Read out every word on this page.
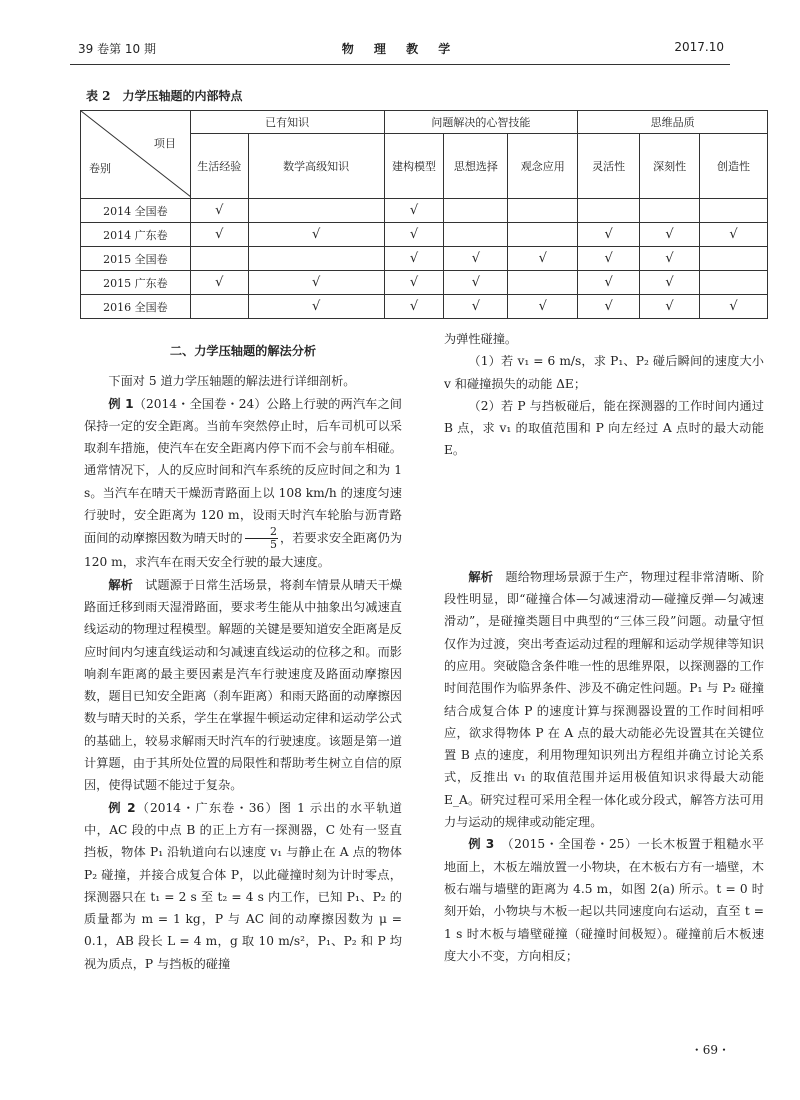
39 卷第 10 期	物 理 教 学	2017.10
表 2　力学压轴题的内部特点
项目
卷别	已有知识		问题解决的心智技能			思维品质		
	生活经验	数学高级知识	建构模型	思想选择	观念应用	灵活性	深刻性	创造性
2014 全国卷	√		√					
2014 广东卷	√	√	√			√	√	√
2015 全国卷			√	√	√	√	√	
2015 广东卷	√	√	√	√		√	√	
2016 全国卷		√	√	√	√	√	√	√

二、力学压轴题的解法分析

下面对 5 道力学压轴题的解法进行详细剖析。

例 1（2014・全国卷・24）公路上行驶的两汽车之间保持一定的安全距离。当前车突然停止时，后车司机可以采取刹车措施，使汽车在安全距离内停下而不会与前车相碰。通常情况下，人的反应时间和汽车系统的反应时间之和为 1 s。当汽车在晴天干燥沥青路面上以 108 km/h 的速度匀速行驶时，安全距离为 120 m，设雨天时汽车轮胎与沥青路面间的动摩擦因数为晴天时的 $\frac{2}{5}$ ，若要求安全距离仍为 120 m，求汽车在雨天安全行驶的最大速度。

解析　 试题源于日常生活场景，将刹车情景从晴天干燥路面迁移到雨天湿滑路面，要求考生能从中抽象出匀减速直线运动的物理过程模型。解题的关键是要知道安全距离是反应时间内匀速直线运动和匀减速直线运动的位移之和。而影响刹车距离的最主要因素是汽车行驶速度及路面动摩擦因数，题目已知安全距离（刹车距离）和雨天路面的动摩擦因数与晴天时的关系，学生在掌握牛顿运动定律和运动学公式的基础上，较易求解雨天时汽车的行驶速度。该题是第一道计算题，由于其所处位置的局限性和帮助考生树立自信的原因，使得试题不能过于复杂。

例 2（2014・广东卷・36）图 1 示出的水平轨道中，AC 段的中点 B 的正上方有一探测器，C 处有一竖直挡板，物体 P₁ 沿轨道向右以速度 v₁ 与静止在 A 点的物体 P₂ 碰撞，并接合成复合体 P，以此碰撞时刻为计时零点，探测器只在 t₁ = 2 s 至 t₂ = 4 s 内工作，已知 P₁、P₂ 的质量都为 m = 1 kg，P 与 AC 间的动摩擦因数为 μ = 0.1，AB 段长 L = 4 m，g 取 10 m/s²，P₁、P₂ 和 P 均视为质点，P 与挡板的碰撞

为弹性碰撞。

（1）若 v₁ = 6 m/s，求 P₁、P₂ 碰后瞬间的速度大小 v 和碰撞损失的动能 ΔE；

（2）若 P 与挡板碰后，能在探测器的工作时间内通过 B 点，求 v₁ 的取值范围和 P 向左经过 A 点时的最大动能 E。

解析　 题给物理场景源于生产，物理过程非常清晰、阶段性明显，即“碰撞合体—匀减速滑动—碰撞反弹—匀减速滑动”，是碰撞类题目中典型的“三体三段”问题。动量守恒仅作为过渡，突出考查运动过程的理解和运动学规律等知识的应用。突破隐含条件唯一性的思维界限，以探测器的工作时间范围作为临界条件、涉及不确定性问题。P₁ 与 P₂ 碰撞结合成复合体 P 的速度计算与探测器设置的工作时间相呼应，欲求得物体 P 在 A 点的最大动能必先设置其在关键位置 B 点的速度，利用物理知识列出方程组并确立讨论关系式，反推出 v₁ 的取值范围并运用极值知识求得最大动能 E_A。研究过程可采用全程一体化或分段式，解答方法可用力与运动的规律或动能定理。

例 3　 （2015・全国卷・25）一长木板置于粗糙水平地面上，木板左端放置一小物块，在木板右方有一墙壁，木板右端与墙壁的距离为 4.5 m，如图 2(a) 所示。t = 0 时刻开始，小物块与木板一起以共同速度向右运动，直至 t = 1 s 时木板与墙壁碰撞（碰撞时间极短）。碰撞前后木板速度大小不变，方向相反；

・69・
